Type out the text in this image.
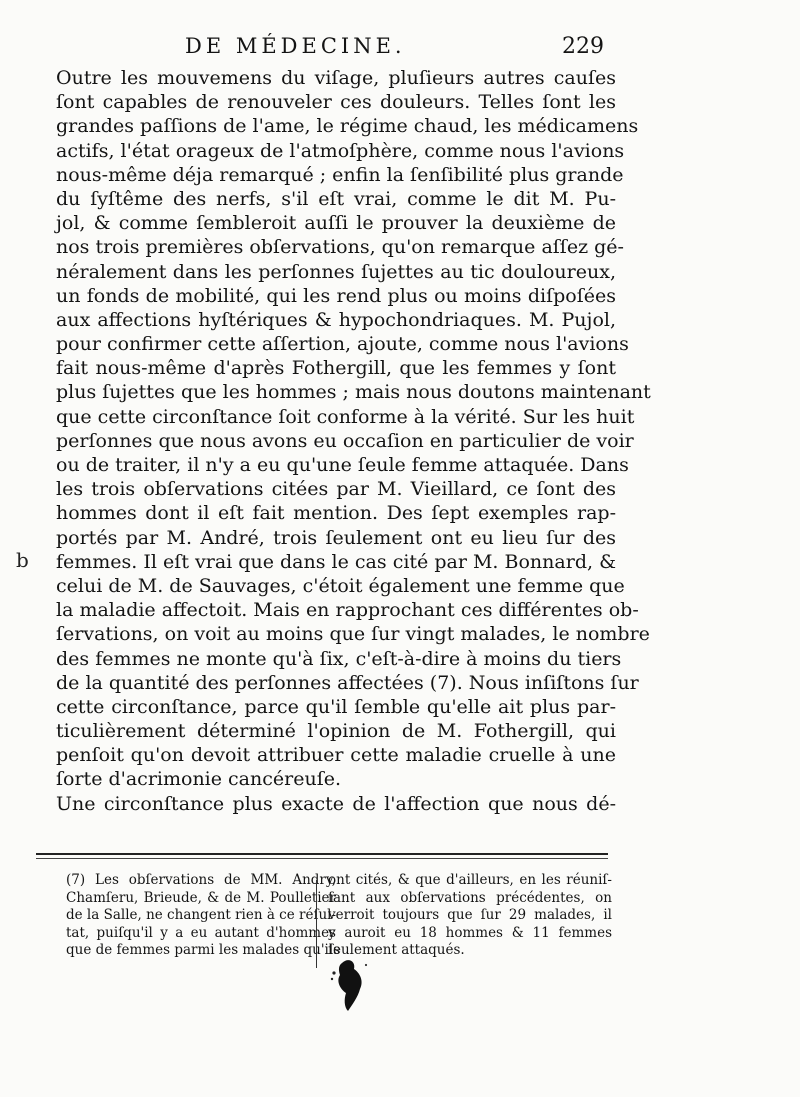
DE MÉDECINE.	229
b
Outre les mouvemens du viſage, pluſieurs autres cauſes
ſont capables de renouveler ces douleurs. Telles ſont les
grandes paſſions de l'ame, le régime chaud, les médicamens
actifs, l'état orageux de l'atmoſphère, comme nous l'avions
nous-même déja remarqué ; enfin la ſenſibilité plus grande
du ſyſtême des nerfs, s'il eſt vrai, comme le dit M. Pu-
jol, & comme ſembleroit auſſi le prouver la deuxième de
nos trois premières obſervations, qu'on remarque aſſez gé-
néralement dans les perſonnes ſujettes au tic douloureux,
un fonds de mobilité, qui les rend plus ou moins diſpoſées
aux affections hyſtériques & hypochondriaques. M. Pujol,
pour confirmer cette aſſertion, ajoute, comme nous l'avions
fait nous-même d'après Fothergill, que les femmes y ſont
plus ſujettes que les hommes ; mais nous doutons maintenant
que cette circonſtance ſoit conforme à la vérité. Sur les huit
perſonnes que nous avons eu occaſion en particulier de voir
ou de traiter, il n'y a eu qu'une ſeule femme attaquée. Dans
les trois obſervations citées par M. Vieillard, ce ſont des
hommes dont il eſt fait mention. Des ſept exemples rap-
portés par M. André, trois ſeulement ont eu lieu ſur des
femmes. Il eſt vrai que dans le cas cité par M. Bonnard, &
celui de M. de Sauvages, c'étoit également une femme que
la maladie affectoit. Mais en rapprochant ces différentes ob-
ſervations, on voit au moins que ſur vingt malades, le nombre
des femmes ne monte qu'à ſix, c'eſt-à-dire à moins du tiers
de la quantité des perſonnes affectées (7). Nous inſiſtons ſur
cette circonſtance, parce qu'il ſemble qu'elle ait plus par-
ticulièrement déterminé l'opinion de M. Fothergill, qui
penſoit qu'on devoit attribuer cette maladie cruelle à une
ſorte d'acrimonie cancéreuſe.
Une circonſtance plus exacte de l'affection que nous dé-
(7) Les obſervations de MM. Andry,
Chamſeru, Brieude, & de M. Poulletier
de la Salle, ne changent rien à ce réſul-
tat, puiſqu'il y a eu autant d'hommes
que de femmes parmi les malades qu'ils
ont cités, & que d'ailleurs, en les réuniſ-
ſant aux obſervations précédentes, on
verroit toujours que ſur 29 malades, il
y auroit eu 18 hommes & 11 femmes
ſeulement attaqués.
